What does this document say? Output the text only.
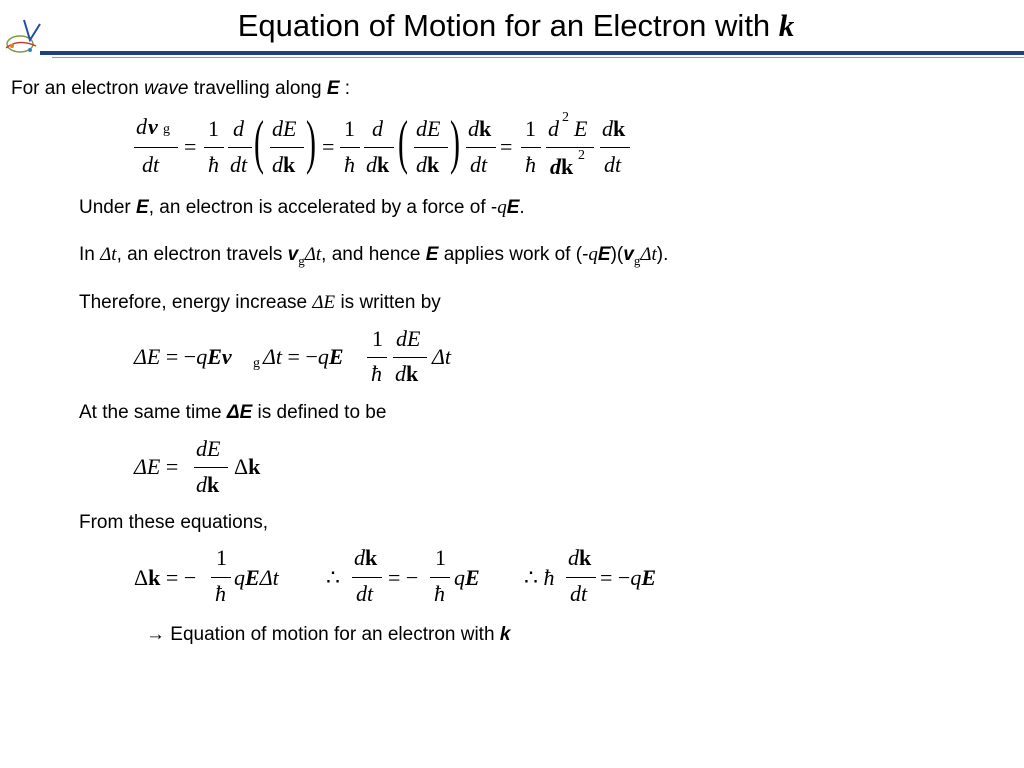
Equation of Motion for an Electron with k
For an electron wave travelling along E :
d v g
dt
=
1
ħ
d
dt ( dE
dk ) =
1
ħ
d
dk ( dE
dk ) dk
dt
=
1
ħ
d 2 E
dk 2
dk
dt
Under E, an electron is accelerated by a force of -qE.
In Δt, an electron travels $v_g\Delta t$, and hence E applies work of $(-qE)(v_g\Delta t)$.
Therefore, energy increase ΔE is written by
ΔE = −qEv g Δt = −qE
1
ħ
dE
dk
Δt
At the same time ΔE is defined to be
ΔE =
dE
dk
Δk
From these equations,
Δk = −
1
ħ
qEΔt ∴
dk
dt
= −
1
ħ
qE ∴ ħ
dk
dt
= −qE
→ Equation of motion for an electron with k
